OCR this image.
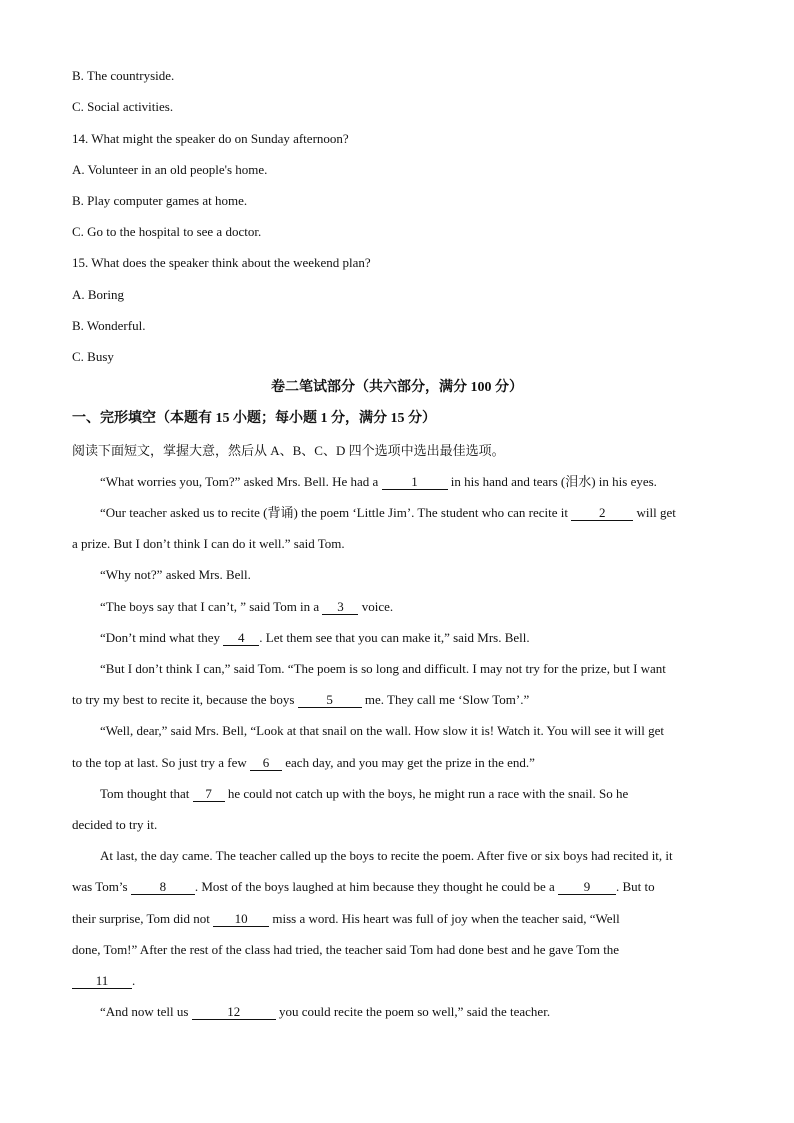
B. The countryside.
C. Social activities.
14. What might the speaker do on Sunday afternoon?
A. Volunteer in an old people's home.
B. Play computer games at home.
C. Go to the hospital to see a doctor.
15. What does the speaker think about the weekend plan?
A. Boring
B. Wonderful.
C. Busy
卷二笔试部分（共六部分，满分 100 分）
一、完形填空（本题有 15 小题；每小题 1 分，满分 15 分）
阅读下面短文，掌握大意，然后从 A、B、C、D 四个选项中选出最佳选项。
“What worries you, Tom?” asked Mrs. Bell. He had a 1 in his hand and tears (泪水) in his eyes.
“Our teacher asked us to recite (背诵) the poem ‘Little Jim’. The student who can recite it 2 will get
a prize. But I don’t think I can do it well.” said Tom.
“Why not?” asked Mrs. Bell.
“The boys say that I can’t, ” said Tom in a 3 voice.
“Don’t mind what they 4 . Let them see that you can make it,” said Mrs. Bell.
“But I don’t think I can,” said Tom. “The poem is so long and difficult. I may not try for the prize, but I want
to try my best to recite it, because the boys 5 me. They call me ‘Slow Tom’.”
“Well, dear,” said Mrs. Bell, “Look at that snail on the wall. How slow it is! Watch it. You will see it will get
to the top at last. So just try a few 6 each day, and you may get the prize in the end.”
Tom thought that 7 he could not catch up with the boys, he might run a race with the snail. So he
decided to try it.
At last, the day came. The teacher called up the boys to recite the poem. After five or six boys had recited it, it
was Tom’s 8 . Most of the boys laughed at him because they thought he could be a 9 . But to
their surprise, Tom did not 10 miss a word. His heart was full of joy when the teacher said, “Well
done, Tom!” After the rest of the class had tried, the teacher said Tom had done best and he gave Tom the
11 .
“And now tell us	12	you could recite the poem so well,” said the teacher.
